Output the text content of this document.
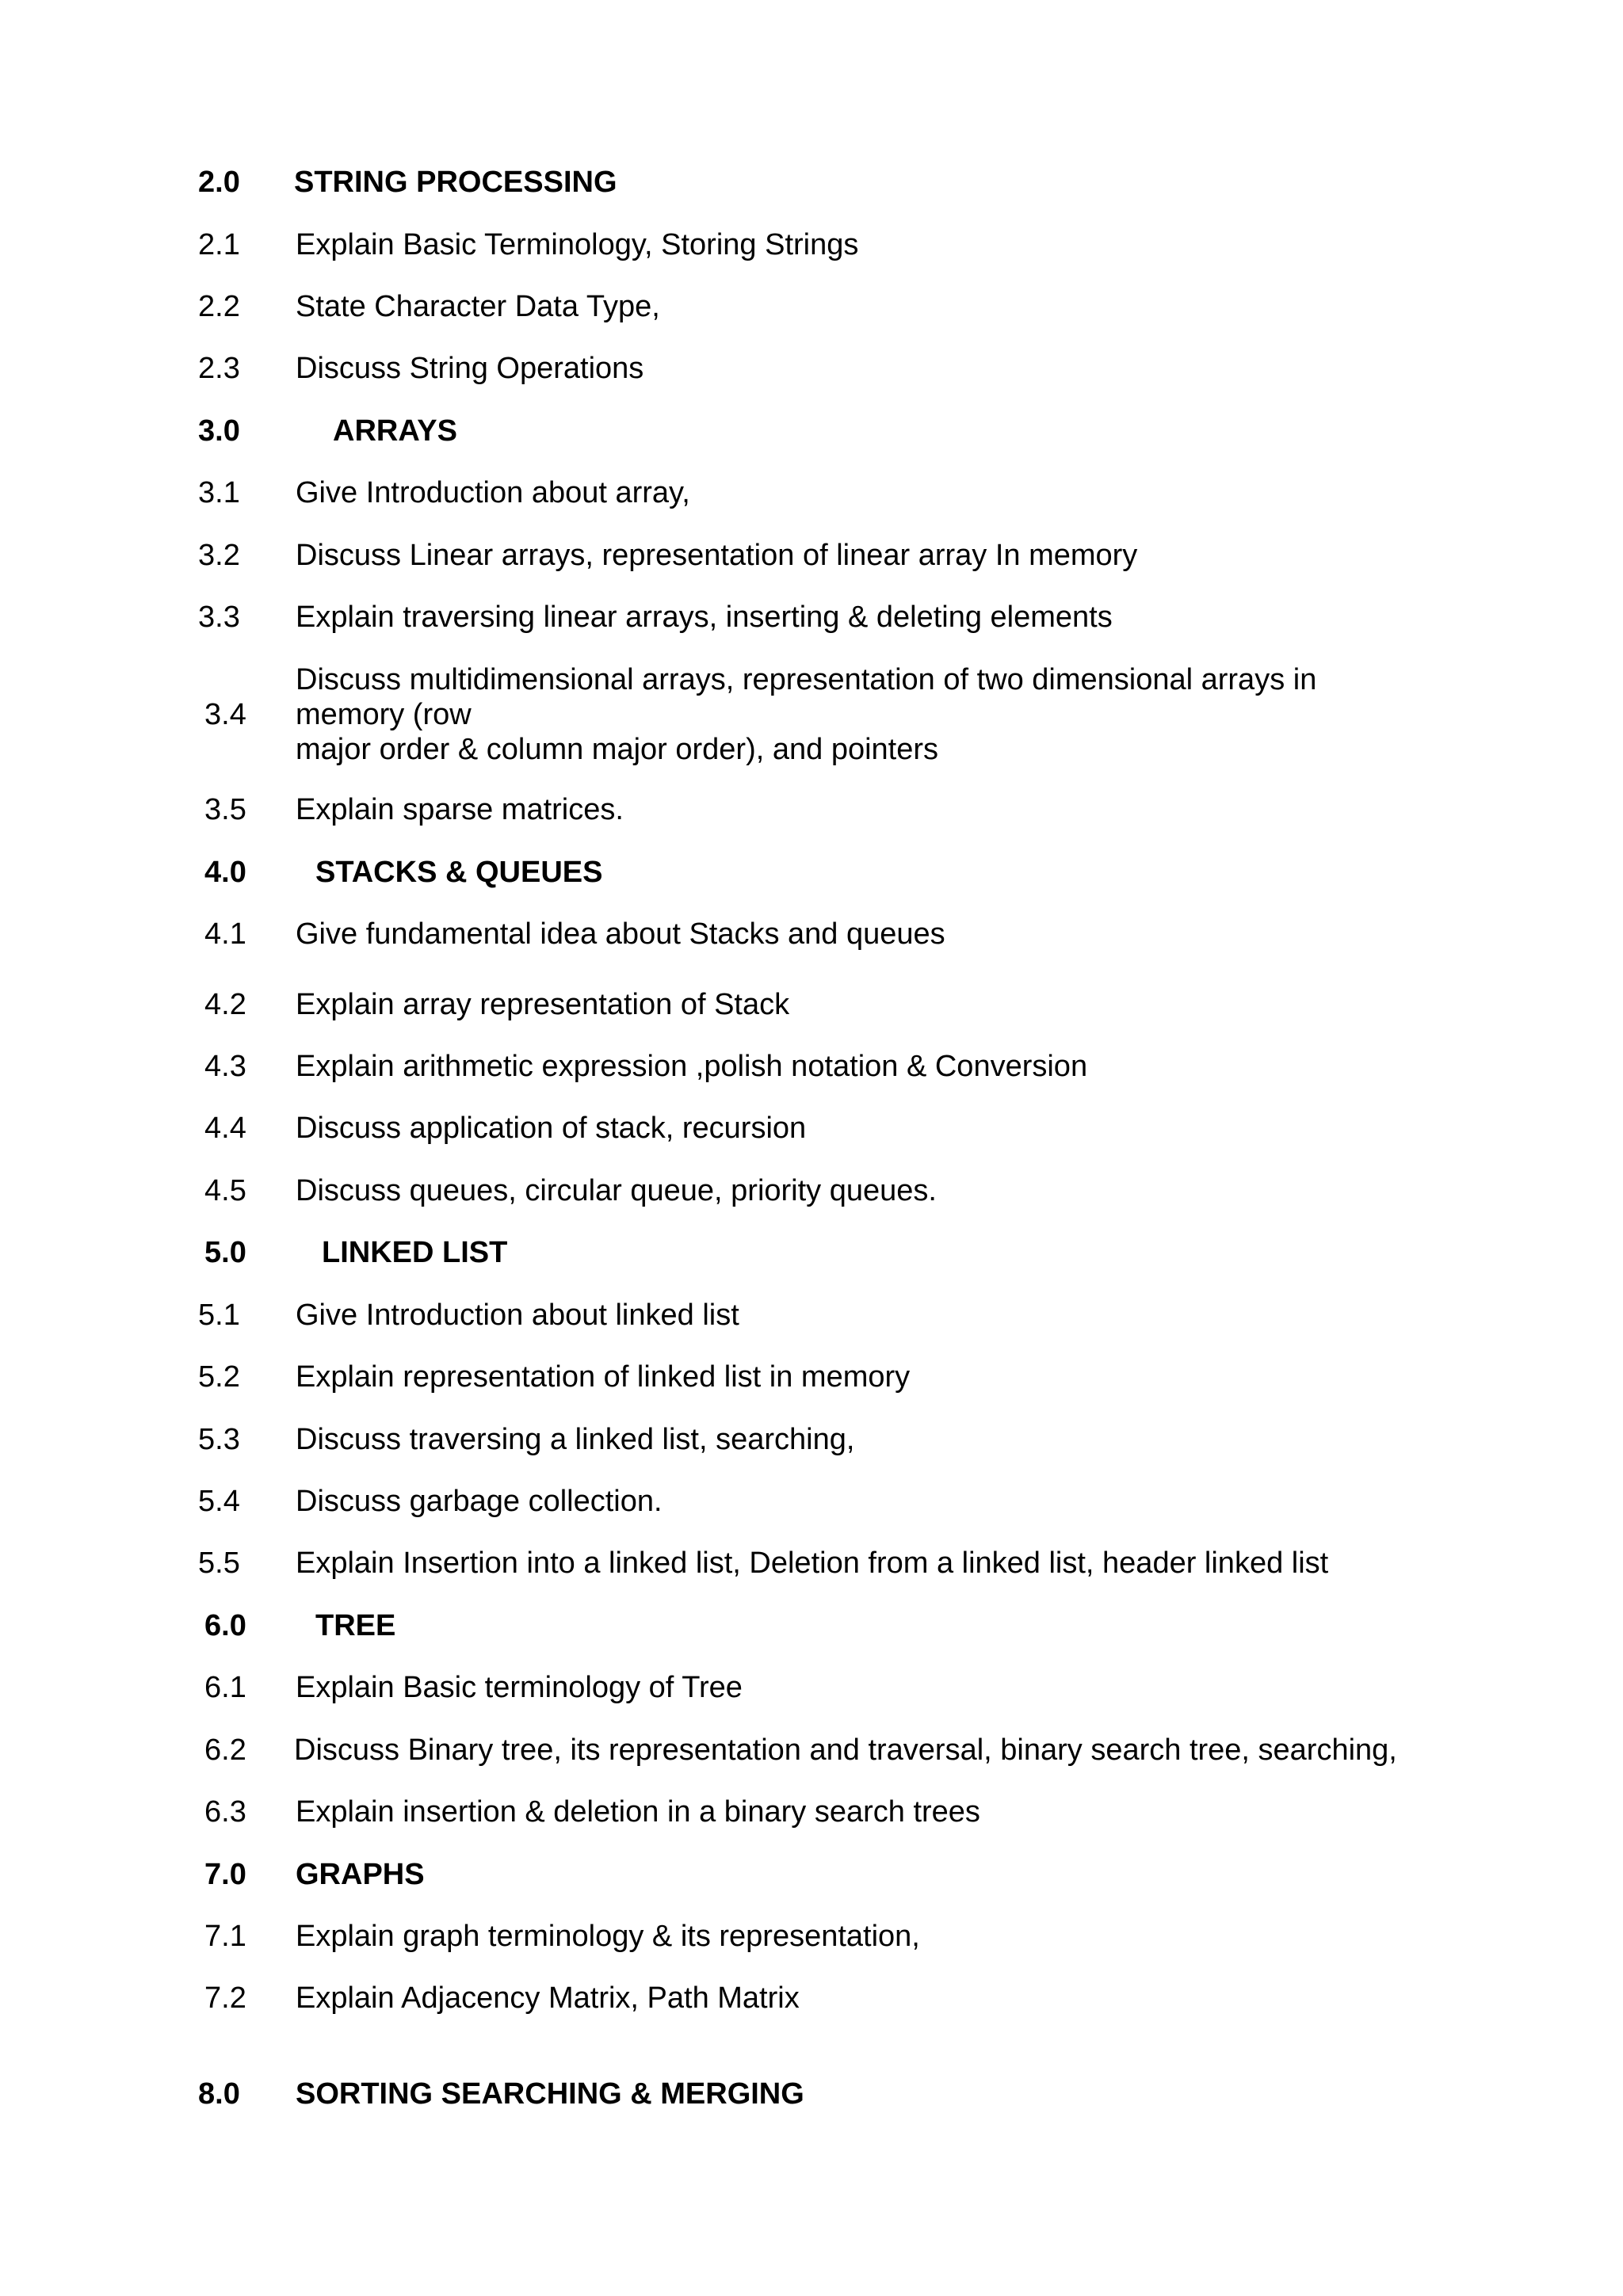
2.0 STRING PROCESSING
2.1 Explain Basic Terminology, Storing Strings
2.2 State Character Data Type,
2.3 Discuss String Operations
3.0	ARRAYS
3.1 Give Introduction about array,
3.2 Discuss Linear arrays, representation of linear array In memory
3.3 Explain traversing linear arrays, inserting & deleting elements
3.4
Discuss multidimensional arrays, representation of two dimensional arrays in
memory (row
major order & column major order), and pointers
3.5 Explain sparse matrices.
4.0 STACKS & QUEUES
4.1 Give fundamental idea about Stacks and queues
4.2 Explain array representation of Stack
4.3 Explain arithmetic expression ,polish notation & Conversion
4.4 Discuss application of stack, recursion
4.5 Discuss queues, circular queue, priority queues.
5.0	LINKED LIST
5.1 Give Introduction about linked list
5.2 Explain representation of linked list in memory
5.3 Discuss traversing a linked list, searching,
5.4 Discuss garbage collection.
5.5 Explain Insertion into a linked list, Deletion from a linked list, header linked list
6.0 TREE
6.1 Explain Basic terminology of Tree
6.2 Discuss Binary tree, its representation and traversal, binary search tree, searching,
6.3 Explain insertion & deletion in a binary search trees
7.0 GRAPHS
7.1 Explain graph terminology & its representation,
7.2 Explain Adjacency Matrix, Path Matrix
8.0 SORTING SEARCHING & MERGING
